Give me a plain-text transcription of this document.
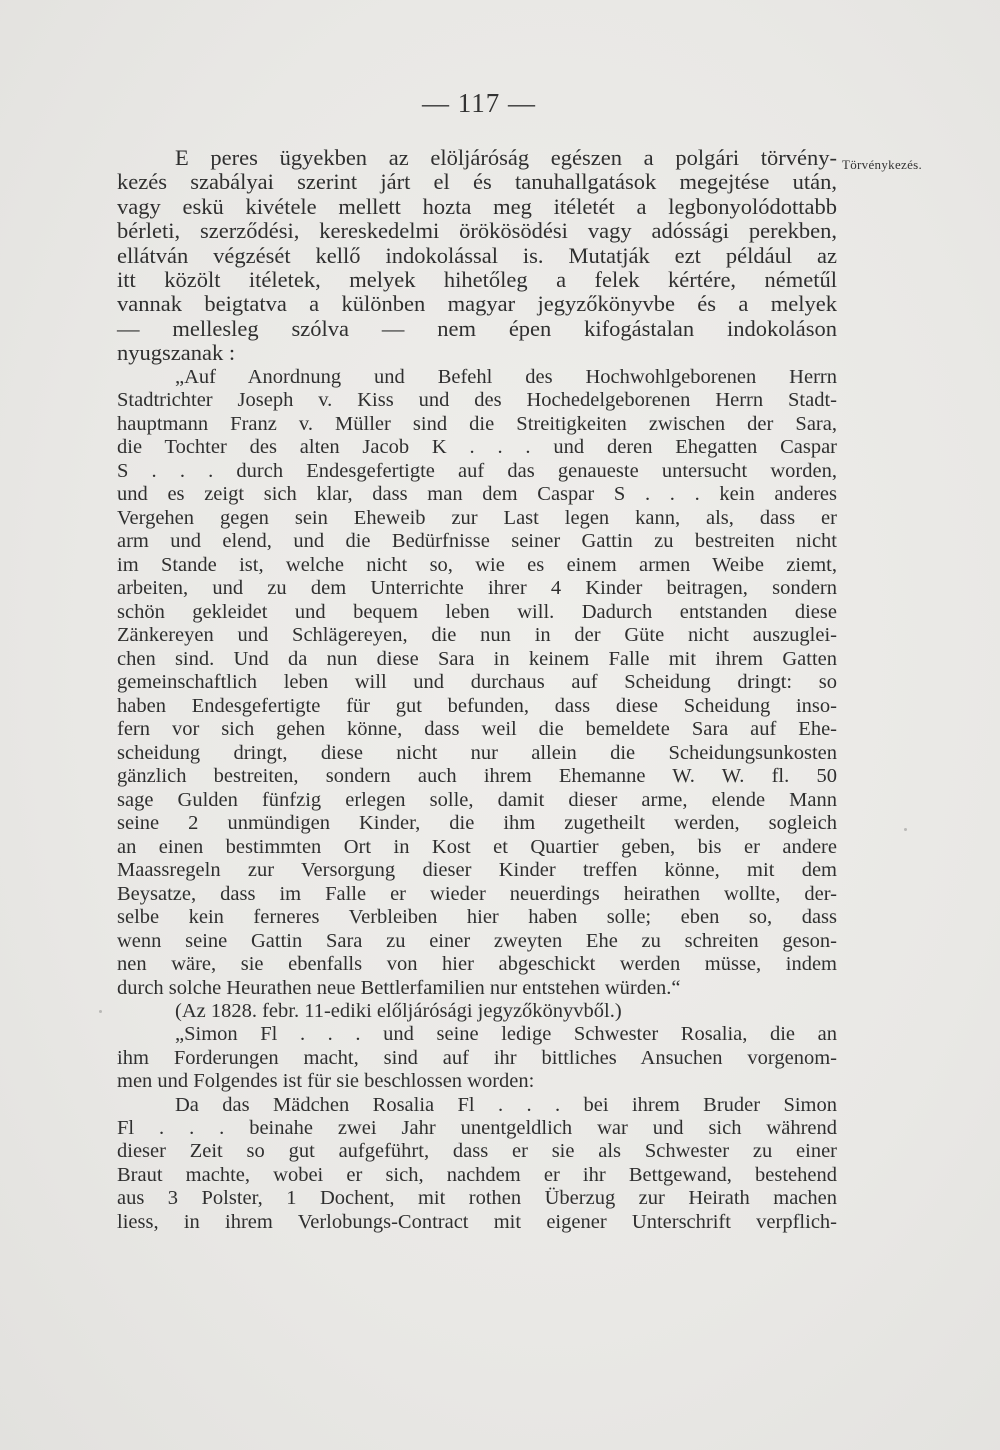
— 117 —
Törvénykezés.
E peres ügyekben az elöljáróság egészen a polgári törvény-
kezés szabályai szerint járt el és tanuhallgatások megejtése után,
vagy eskü kivétele mellett hozta meg itéletét a legbonyolódottabb
bérleti, szerződési, kereskedelmi örökösödési vagy adóssági perekben,
ellátván végzését kellő indokolással is. Mutatják ezt például az
itt közölt itéletek, melyek hihetőleg a felek kértére, németűl
vannak beigtatva a különben magyar jegyzőkönyvbe és a melyek
— mellesleg szólva — nem épen kifogástalan indokoláson
nyugszanak :
„Auf Anordnung und Befehl des Hochwohlgeborenen Herrn
Stadtrichter Joseph v. Kiss und des Hochedelgeborenen Herrn Stadt-
hauptmann Franz v. Müller sind die Streitigkeiten zwischen der Sara,
die Tochter des alten Jacob K . . . und deren Ehegatten Caspar
S . . . durch Endesgefertigte auf das genaueste untersucht worden,
und es zeigt sich klar, dass man dem Caspar S . . . kein anderes
Vergehen gegen sein Eheweib zur Last legen kann, als, dass er
arm und elend, und die Bedürfnisse seiner Gattin zu bestreiten nicht
im Stande ist, welche nicht so, wie es einem armen Weibe ziemt,
arbeiten, und zu dem Unterrichte ihrer 4 Kinder beitragen, sondern
schön gekleidet und bequem leben will. Dadurch entstanden diese
Zänkereyen und Schlägereyen, die nun in der Güte nicht auszuglei-
chen sind. Und da nun diese Sara in keinem Falle mit ihrem Gatten
gemeinschaftlich leben will und durchaus auf Scheidung dringt: so
haben Endesgefertigte für gut befunden, dass diese Scheidung inso-
fern vor sich gehen könne, dass weil die bemeldete Sara auf Ehe-
scheidung dringt, diese nicht nur allein die Scheidungsunkosten
gänzlich bestreiten, sondern auch ihrem Ehemanne W. W. fl. 50
sage Gulden fünfzig erlegen solle, damit dieser arme, elende Mann
seine 2 unmündigen Kinder, die ihm zugetheilt werden, sogleich
an einen bestimmten Ort in Kost et Quartier geben, bis er andere
Maassregeln zur Versorgung dieser Kinder treffen könne, mit dem
Beysatze, dass im Falle er wieder neuerdings heirathen wollte, der-
selbe kein ferneres Verbleiben hier haben solle; eben so, dass
wenn seine Gattin Sara zu einer zweyten Ehe zu schreiten geson-
nen wäre, sie ebenfalls von hier abgeschickt werden müsse, indem
durch solche Heurathen neue Bettlerfamilien nur entstehen würden.“
(Az 1828. febr. 11-ediki előljárósági jegyzőkönyvből.)
„Simon Fl . . . und seine ledige Schwester Rosalia, die an
ihm Forderungen macht, sind auf ihr bittliches Ansuchen vorgenom-
men und Folgendes ist für sie beschlossen worden:
Da das Mädchen Rosalia Fl . . . bei ihrem Bruder Simon
Fl . . . beinahe zwei Jahr unentgeldlich war und sich während
dieser Zeit so gut aufgeführt, dass er sie als Schwester zu einer
Braut machte, wobei er sich, nachdem er ihr Bettgewand, bestehend
aus 3 Polster, 1 Dochent, mit rothen Überzug zur Heirath machen
liess, in ihrem Verlobungs-Contract mit eigener Unterschrift verpflich-
